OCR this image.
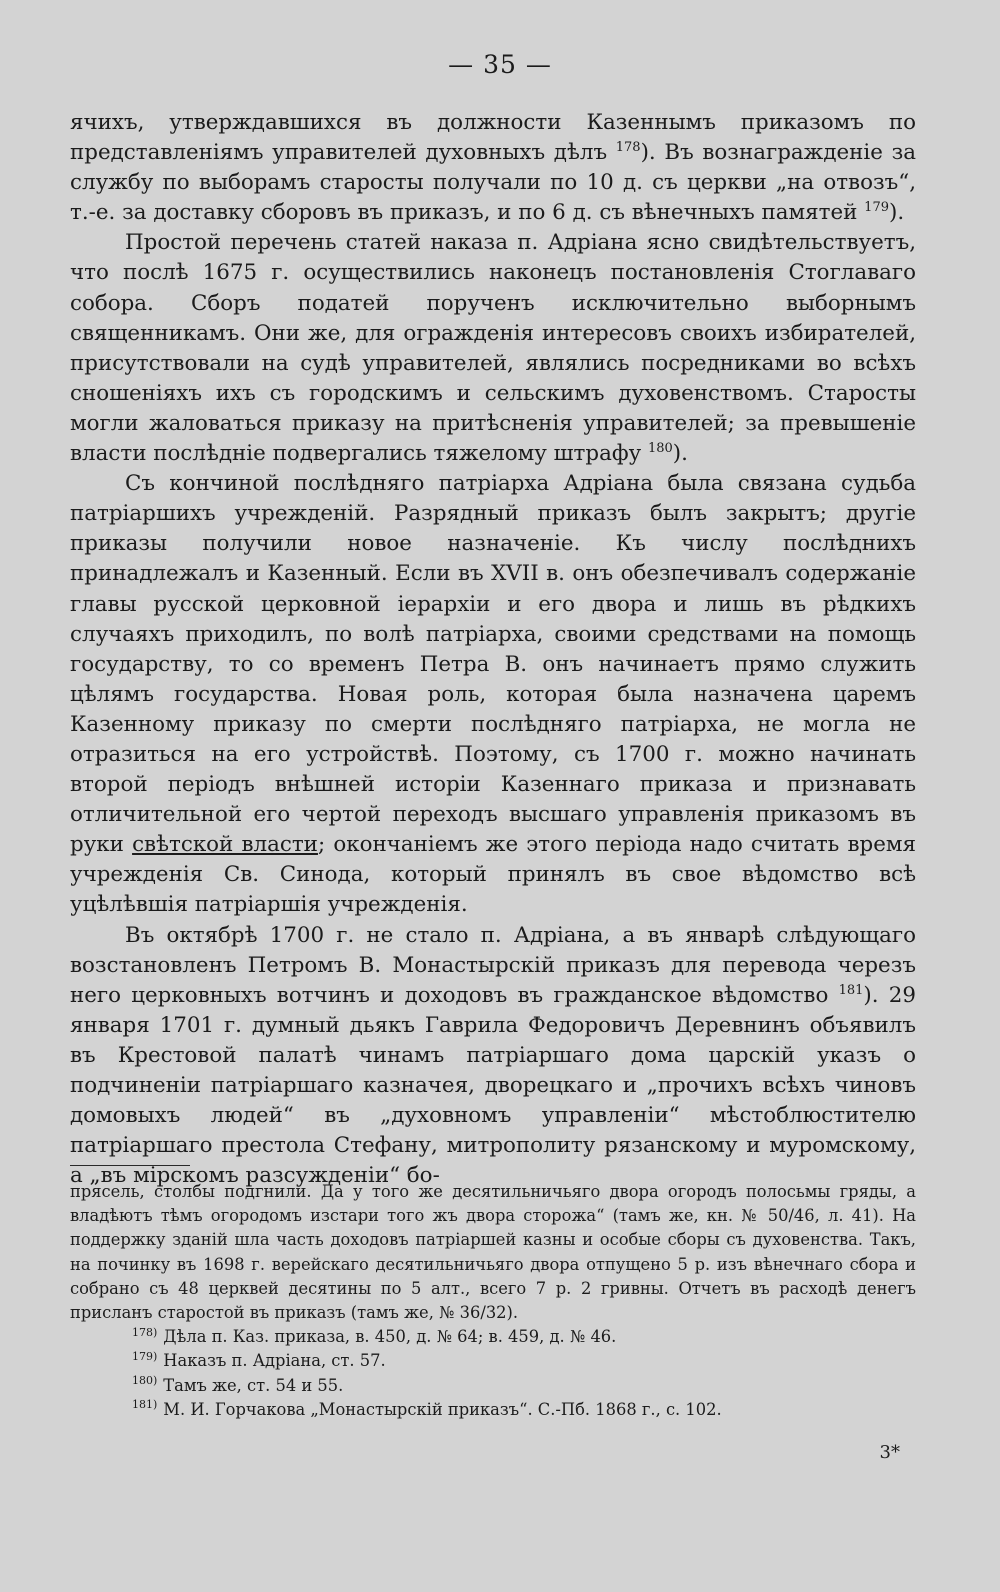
— 35 —

ячихъ, утверждавшихся въ должности Казеннымъ приказомъ по представленіямъ управителей духовныхъ дѣлъ $^{178}$). Въ вознагражденіе за службу по выборамъ старосты получали по 10 д. съ церкви „на отвозъ“, т.-е. за доставку сборовъ въ приказъ, и по 6 д. съ вѣнечныхъ памятей $^{179}$).

Простой перечень статей наказа п. Адріана ясно свидѣтельствуетъ, что послѣ 1675 г. осуществились наконецъ постановленія Стоглаваго собора. Сборъ податей порученъ исключительно выборнымъ священникамъ. Они же, для огражденія интересовъ своихъ избирателей, присутствовали на судѣ управителей, являлись посредниками во всѣхъ сношеніяхъ ихъ съ городскимъ и сельскимъ духовенствомъ. Старосты могли жаловаться приказу на притѣсненія управителей; за превышеніе власти послѣдніе подвергались тяжелому штрафу $^{180}$).

Съ кончиной послѣдняго патріарха Адріана была связана судьба патріаршихъ учрежденій. Разрядный приказъ былъ закрытъ; другіе приказы получили новое назначеніе. Къ числу послѣднихъ принадлежалъ и Казенный. Если въ XVII в. онъ обезпечивалъ содержаніе главы русской церковной іерархіи и его двора и лишь въ рѣдкихъ случаяхъ приходилъ, по волѣ патріарха, своими средствами на помощь государству, то со временъ Петра В. онъ начинаетъ прямо служить цѣлямъ государства. Новая роль, которая была назначена царемъ Казенному приказу по смерти послѣдняго патріарха, не могла не отразиться на его устройствѣ. Поэтому, съ 1700 г. можно начинать второй періодъ внѣшней исторіи Казеннаго приказа и признавать отличительной его чертой переходъ высшаго управленія приказомъ въ руки свѣтской власти; окончаніемъ же этого періода надо считать время учрежденія Св. Синода, который принялъ въ свое вѣдомство всѣ уцѣлѣвшія патріаршія учрежденія.

Въ октябрѣ 1700 г. не стало п. Адріана, а въ январѣ слѣдующаго возстановленъ Петромъ В. Монастырскій приказъ для перевода черезъ него церковныхъ вотчинъ и доходовъ въ гражданское вѣдомство $^{181}$). 29 января 1701 г. думный дьякъ Гаврила Федоровичъ Деревнинъ объявилъ въ Крестовой палатѣ чинамъ патріаршаго дома царскій указъ о подчиненіи патріаршаго казначея, дворецкаго и „прочихъ всѣхъ чиновъ домовыхъ людей“ въ „духовномъ управленіи“ мѣстоблюстителю патріаршаго престола Стефану, митрополиту рязанскому и муромскому, а „въ мірскомъ разсужденіи“ бо-

прясель, столбы подгнили. Да у того же десятильничьяго двора огородъ полосьмы гряды, а владѣютъ тѣмъ огородомъ изстари того жъ двора сторожа“ (тамъ же, кн. № 50/46, л. 41). На поддержку зданій шла часть доходовъ патріаршей казны и особые сборы съ духовенства. Такъ, на починку въ 1698 г. верейскаго десятильничьяго двора отпущено 5 р. изъ вѣнечнаго сбора и собрано съ 48 церквей десятины по 5 алт., всего 7 р. 2 гривны. Отчетъ въ расходѣ денегъ присланъ старостой въ приказъ (тамъ же, № 36/32).

$^{178)}$ Дѣла п. Каз. приказа, в. 450, д. № 64; в. 459, д. № 46.

$^{179)}$ Наказъ п. Адріана, ст. 57.

$^{180)}$ Тамъ же, ст. 54 и 55.

$^{181)}$ М. И. Горчакова „Монастырскій приказъ“. С.-Пб. 1868 г., с. 102.

3*
